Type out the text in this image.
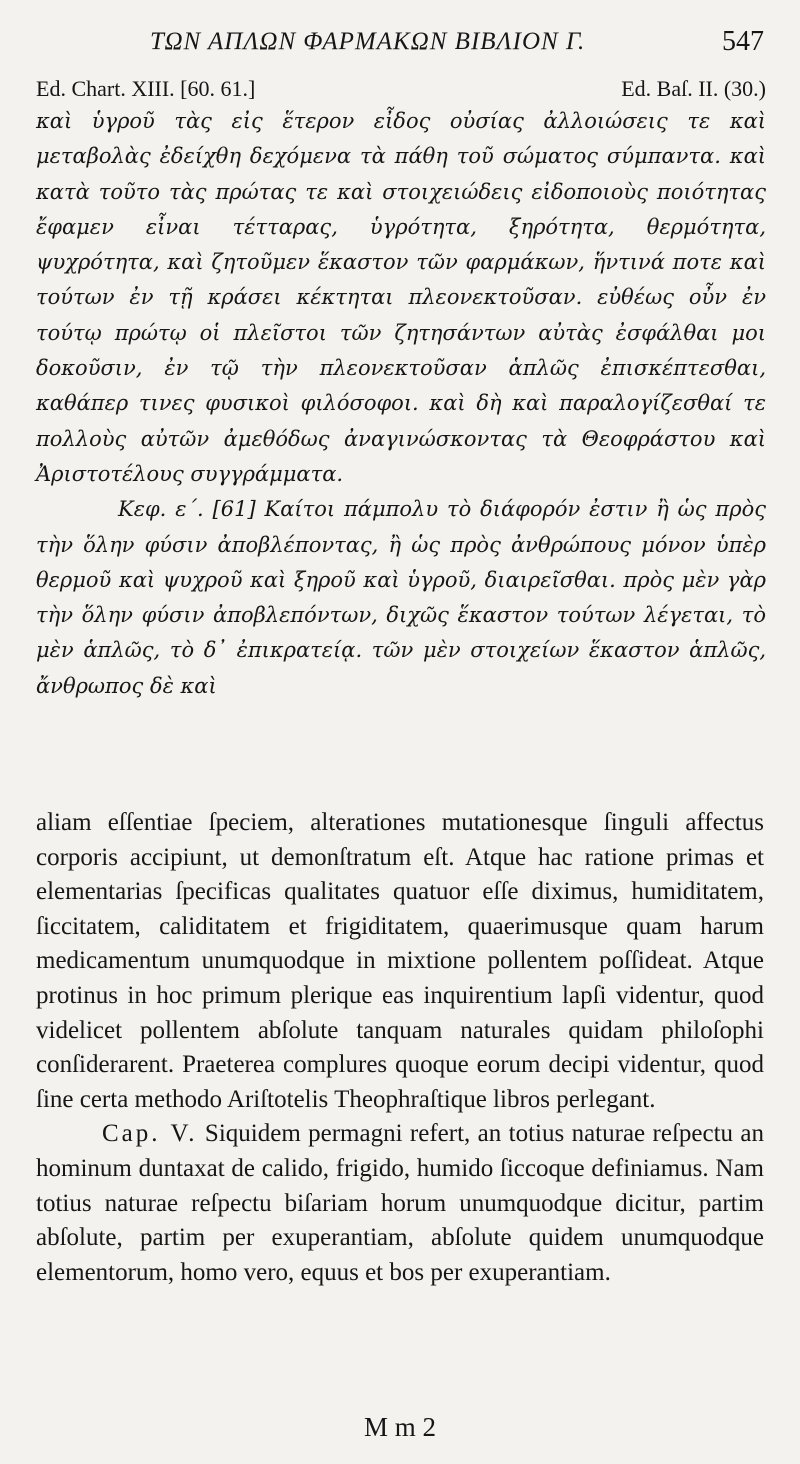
ΤΩΝ ΑΠΛΩΝ ΦΑΡΜΑΚΩΝ ΒΙΒΛΙΟΝ Γ.	547
Ed. Chart. XIII. [60. 61.]	Ed. Baſ. II. (30.)

καὶ ὑγροῦ τὰς εἰς ἕτερον εἶδος οὐσίας ἀλλοιώσεις τε καὶ μεταβολὰς ἐδείχθη δεχόμενα τὰ πάθη τοῦ σώματος σύμπαντα. καὶ κατὰ τοῦτο τὰς πρώτας τε καὶ στοιχειώδεις εἰδοποιοὺς ποιότητας ἔφαμεν εἶναι τέτταρας, ὑγρότητα, ξηρότητα, θερμότητα, ψυχρότητα, καὶ ζητοῦμεν ἕκαστον τῶν φαρμάκων, ἥντινά ποτε καὶ τούτων ἐν τῇ κράσει κέκτηται πλεονεκτοῦσαν. εὐθέως οὖν ἐν τούτῳ πρώτῳ οἱ πλεῖστοι τῶν ζητησάντων αὐτὰς ἐσφάλθαι μοι δοκοῦσιν, ἐν τῷ τὴν πλεονεκτοῦσαν ἁπλῶς ἐπισκέπτεσθαι, καθάπερ τινες φυσικοὶ φιλόσοφοι. καὶ δὴ καὶ παραλογίζεσθαί τε πολλοὺς αὐτῶν ἀμεθόδως ἀναγινώσκοντας τὰ Θεοφράστου καὶ Ἀριστοτέλους συγγράμματα.

Κεφ. ε΄. [61] Καίτοι πάμπολυ τὸ διάφορόν ἐστιν ἢ ὡς πρὸς τὴν ὅλην φύσιν ἀποβλέποντας, ἢ ὡς πρὸς ἀνθρώπους μόνον ὑπὲρ θερμοῦ καὶ ψυχροῦ καὶ ξηροῦ καὶ ὑγροῦ, διαιρεῖσθαι. πρὸς μὲν γὰρ τὴν ὅλην φύσιν ἀποβλεπόντων, διχῶς ἕκαστον τούτων λέγεται, τὸ μὲν ἁπλῶς, τὸ δ᾽ ἐπικρατείᾳ. τῶν μὲν στοιχείων ἕκαστον ἁπλῶς, ἄνθρωπος δὲ καὶ

aliam eſſentiae ſpeciem, alterationes mutationesque ſinguli affectus corporis accipiunt, ut demonſtratum eſt. Atque hac ratione primas et elementarias ſpecificas qualitates quatuor eſſe diximus, humiditatem, ſiccitatem, caliditatem et frigiditatem, quaerimusque quam harum medicamentum unumquodque in mixtione pollentem poſſideat. Atque protinus in hoc primum plerique eas inquirentium lapſi videntur, quod videlicet pollentem abſolute tanquam naturales quidam philoſophi conſiderarent. Praeterea complures quoque eorum decipi videntur, quod ſine certa methodo Ariſtotelis Theophraſtique libros perlegant.

Cap. V. Siquidem permagni refert, an totius naturae reſpectu an hominum duntaxat de calido, frigido, humido ſiccoque definiamus. Nam totius naturae reſpectu biſariam horum unumquodque dicitur, partim abſolute, partim per exuperantiam, abſolute quidem unumquodque elementorum, homo vero, equus et bos per exuperantiam.

M m 2
